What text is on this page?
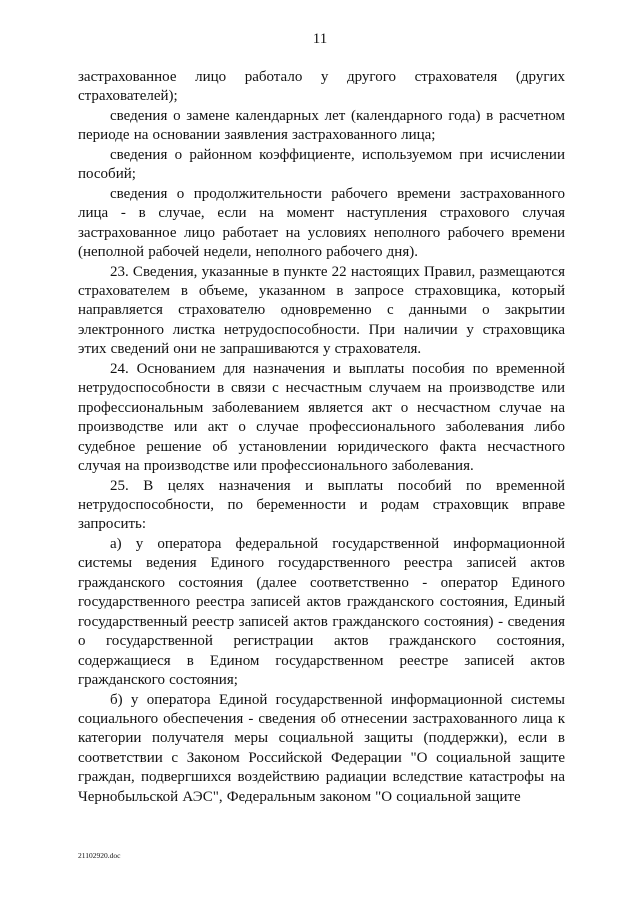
11

застрахованное лицо работало у другого страхователя (других страхователей);

сведения о замене календарных лет (календарного года) в расчетном периоде на основании заявления застрахованного лица;

сведения о районном коэффициенте, используемом при исчислении пособий;

сведения о продолжительности рабочего времени застрахованного лица - в случае, если на момент наступления страхового случая застрахованное лицо работает на условиях неполного рабочего времени (неполной рабочей недели, неполного рабочего дня).

23. Сведения, указанные в пункте 22 настоящих Правил, размещаются страхователем в объеме, указанном в запросе страховщика, который направляется страхователю одновременно с данными о закрытии электронного листка нетрудоспособности. При наличии у страховщика этих сведений они не запрашиваются у страхователя.

24. Основанием для назначения и выплаты пособия по временной нетрудоспособности в связи с несчастным случаем на производстве или профессиональным заболеванием является акт о несчастном случае на производстве или акт о случае профессионального заболевания либо судебное решение об установлении юридического факта несчастного случая на производстве или профессионального заболевания.

25. В целях назначения и выплаты пособий по временной нетрудоспособности, по беременности и родам страховщик вправе запросить:

а) у оператора федеральной государственной информационной системы ведения Единого государственного реестра записей актов гражданского состояния (далее соответственно - оператор Единого государственного реестра записей актов гражданского состояния, Единый государственный реестр записей актов гражданского состояния) - сведения о государственной регистрации актов гражданского состояния, содержащиеся в Едином государственном реестре записей актов гражданского состояния;

б) у оператора Единой государственной информационной системы социального обеспечения - сведения об отнесении застрахованного лица к категории получателя меры социальной защиты (поддержки), если в соответствии с Законом Российской Федерации "О социальной защите граждан, подвергшихся воздействию радиации вследствие катастрофы на Чернобыльской АЭС", Федеральным законом "О социальной защите

21102920.doc
